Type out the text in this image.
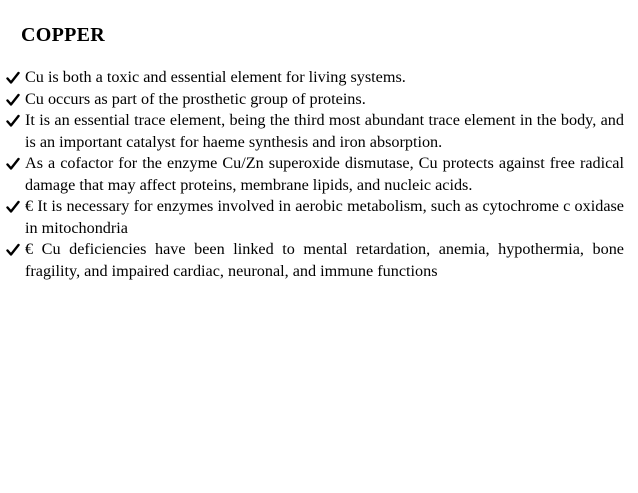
COPPER
Cu is both a toxic and essential element for living systems.
Cu occurs as part of the prosthetic group of proteins.
It is an essential trace element, being the third most abundant trace element in the body, and is an important catalyst for haeme synthesis and iron absorption.
As a cofactor for the enzyme Cu/Zn superoxide dismutase, Cu protects against free radical damage that may affect proteins, membrane lipids, and nucleic acids.
€ It is necessary for enzymes involved in aerobic metabolism, such as cytochrome c oxidase in mitochondria
€ Cu deficiencies have been linked to mental retardation, anemia, hypothermia, bone fragility, and impaired cardiac, neuronal, and immune functions
